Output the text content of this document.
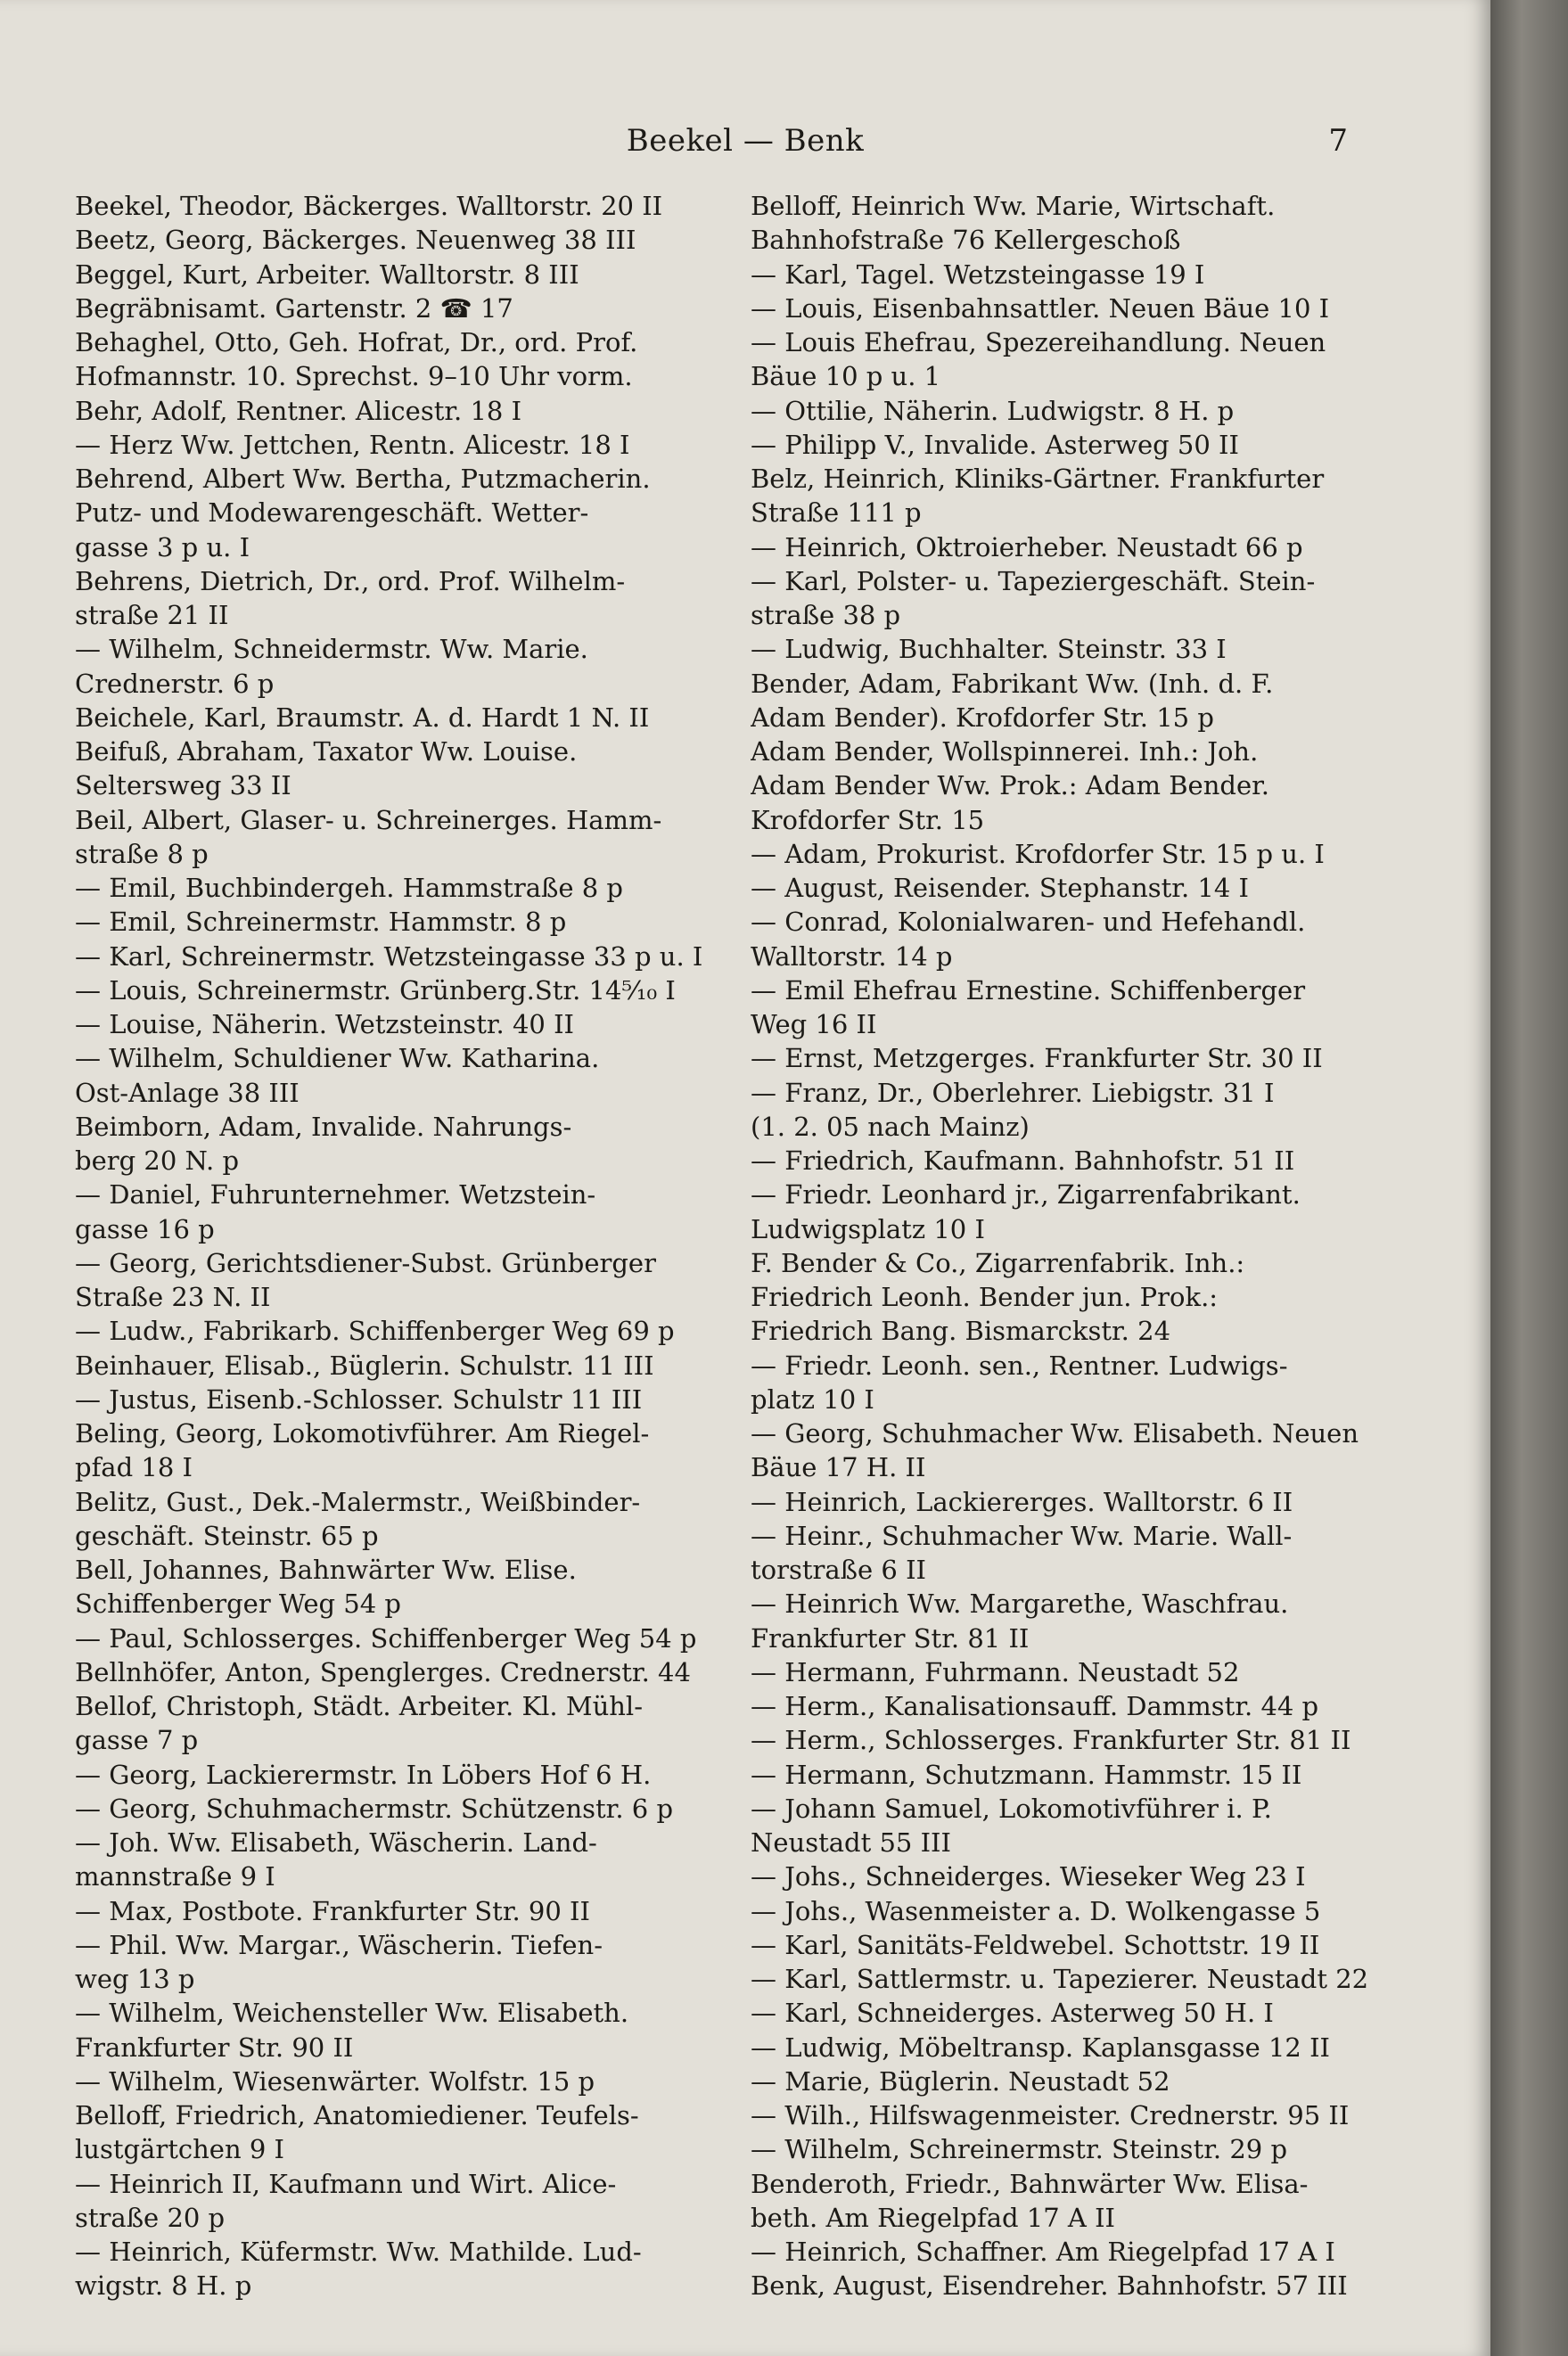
Beekel — Benk	7
Beekel, Theodor, Bäckerges. Walltorstr. 20 II
Beetz, Georg, Bäckerges. Neuenweg 38 III
Beggel, Kurt, Arbeiter. Walltorstr. 8 III
Begräbnisamt. Gartenstr. 2 ☎ 17
Behaghel, Otto, Geh. Hofrat, Dr., ord. Prof.
Hofmannstr. 10. Sprechst. 9–10 Uhr vorm.
Behr, Adolf, Rentner. Alicestr. 18 I
— Herz Ww. Jettchen, Rentn. Alicestr. 18 I
Behrend, Albert Ww. Bertha, Putzmacherin.
Putz- und Modewarengeschäft. Wetter-
gasse 3 p u. I
Behrens, Dietrich, Dr., ord. Prof. Wilhelm-
straße 21 II
— Wilhelm, Schneidermstr. Ww. Marie.
Crednerstr. 6 p
Beichele, Karl, Braumstr. A. d. Hardt 1 N. II
Beifuß, Abraham, Taxator Ww. Louise.
Seltersweg 33 II
Beil, Albert, Glaser- u. Schreinerges. Hamm-
straße 8 p
— Emil, Buchbindergeh. Hammstraße 8 p
— Emil, Schreinermstr. Hammstr. 8 p
— Karl, Schreinermstr. Wetzsteingasse 33 p u. I
— Louis, Schreinermstr. Grünberg.Str. 14⁵⁄₁₀ I
— Louise, Näherin. Wetzsteinstr. 40 II
— Wilhelm, Schuldiener Ww. Katharina.
Ost-Anlage 38 III
Beimborn, Adam, Invalide. Nahrungs-
berg 20 N. p
— Daniel, Fuhrunternehmer. Wetzstein-
gasse 16 p
— Georg, Gerichtsdiener-Subst. Grünberger
Straße 23 N. II
— Ludw., Fabrikarb. Schiffenberger Weg 69 p
Beinhauer, Elisab., Büglerin. Schulstr. 11 III
— Justus, Eisenb.-Schlosser. Schulstr 11 III
Beling, Georg, Lokomotivführer. Am Riegel-
pfad 18 I
Belitz, Gust., Dek.-Malermstr., Weißbinder-
geschäft. Steinstr. 65 p
Bell, Johannes, Bahnwärter Ww. Elise.
Schiffenberger Weg 54 p
— Paul, Schlosserges. Schiffenberger Weg 54 p
Bellnhöfer, Anton, Spenglerges. Crednerstr. 44
Bellof, Christoph, Städt. Arbeiter. Kl. Mühl-
gasse 7 p
— Georg, Lackierermstr. In Löbers Hof 6 H.
— Georg, Schuhmachermstr. Schützenstr. 6 p
— Joh. Ww. Elisabeth, Wäscherin. Land-
mannstraße 9 I
— Max, Postbote. Frankfurter Str. 90 II
— Phil. Ww. Margar., Wäscherin. Tiefen-
weg 13 p
— Wilhelm, Weichensteller Ww. Elisabeth.
Frankfurter Str. 90 II
— Wilhelm, Wiesenwärter. Wolfstr. 15 p
Belloff, Friedrich, Anatomiediener. Teufels-
lustgärtchen 9 I
— Heinrich II, Kaufmann und Wirt. Alice-
straße 20 p
— Heinrich, Küfermstr. Ww. Mathilde. Lud-
wigstr. 8 H. p
Belloff, Heinrich Ww. Marie, Wirtschaft.
Bahnhofstraße 76 Kellergeschoß
— Karl, Tagel. Wetzsteingasse 19 I
— Louis, Eisenbahnsattler. Neuen Bäue 10 I
— Louis Ehefrau, Spezereihandlung. Neuen
Bäue 10 p u. 1
— Ottilie, Näherin. Ludwigstr. 8 H. p
— Philipp V., Invalide. Asterweg 50 II
Belz, Heinrich, Kliniks-Gärtner. Frankfurter
Straße 111 p
— Heinrich, Oktroierheber. Neustadt 66 p
— Karl, Polster- u. Tapeziergeschäft. Stein-
straße 38 p
— Ludwig, Buchhalter. Steinstr. 33 I
Bender, Adam, Fabrikant Ww. (Inh. d. F.
Adam Bender). Krofdorfer Str. 15 p
Adam Bender, Wollspinnerei. Inh.: Joh.
Adam Bender Ww. Prok.: Adam Bender.
Krofdorfer Str. 15
— Adam, Prokurist. Krofdorfer Str. 15 p u. I
— August, Reisender. Stephanstr. 14 I
— Conrad, Kolonialwaren- und Hefehandl.
Walltorstr. 14 p
— Emil Ehefrau Ernestine. Schiffenberger
Weg 16 II
— Ernst, Metzgerges. Frankfurter Str. 30 II
— Franz, Dr., Oberlehrer. Liebigstr. 31 I
(1. 2. 05 nach Mainz)
— Friedrich, Kaufmann. Bahnhofstr. 51 II
— Friedr. Leonhard jr., Zigarrenfabrikant.
Ludwigsplatz 10 I
F. Bender & Co., Zigarrenfabrik. Inh.:
Friedrich Leonh. Bender jun. Prok.:
Friedrich Bang. Bismarckstr. 24
— Friedr. Leonh. sen., Rentner. Ludwigs-
platz 10 I
— Georg, Schuhmacher Ww. Elisabeth. Neuen
Bäue 17 H. II
— Heinrich, Lackiererges. Walltorstr. 6 II
— Heinr., Schuhmacher Ww. Marie. Wall-
torstraße 6 II
— Heinrich Ww. Margarethe, Waschfrau.
Frankfurter Str. 81 II
— Hermann, Fuhrmann. Neustadt 52
— Herm., Kanalisationsauff. Dammstr. 44 p
— Herm., Schlosserges. Frankfurter Str. 81 II
— Hermann, Schutzmann. Hammstr. 15 II
— Johann Samuel, Lokomotivführer i. P.
Neustadt 55 III
— Johs., Schneiderges. Wieseker Weg 23 I
— Johs., Wasenmeister a. D. Wolkengasse 5
— Karl, Sanitäts-Feldwebel. Schottstr. 19 II
— Karl, Sattlermstr. u. Tapezierer. Neustadt 22
— Karl, Schneiderges. Asterweg 50 H. I
— Ludwig, Möbeltransp. Kaplansgasse 12 II
— Marie, Büglerin. Neustadt 52
— Wilh., Hilfswagenmeister. Crednerstr. 95 II
— Wilhelm, Schreinermstr. Steinstr. 29 p
Benderoth, Friedr., Bahnwärter Ww. Elisa-
beth. Am Riegelpfad 17 A II
— Heinrich, Schaffner. Am Riegelpfad 17 A I
Benk, August, Eisendreher. Bahnhofstr. 57 III
